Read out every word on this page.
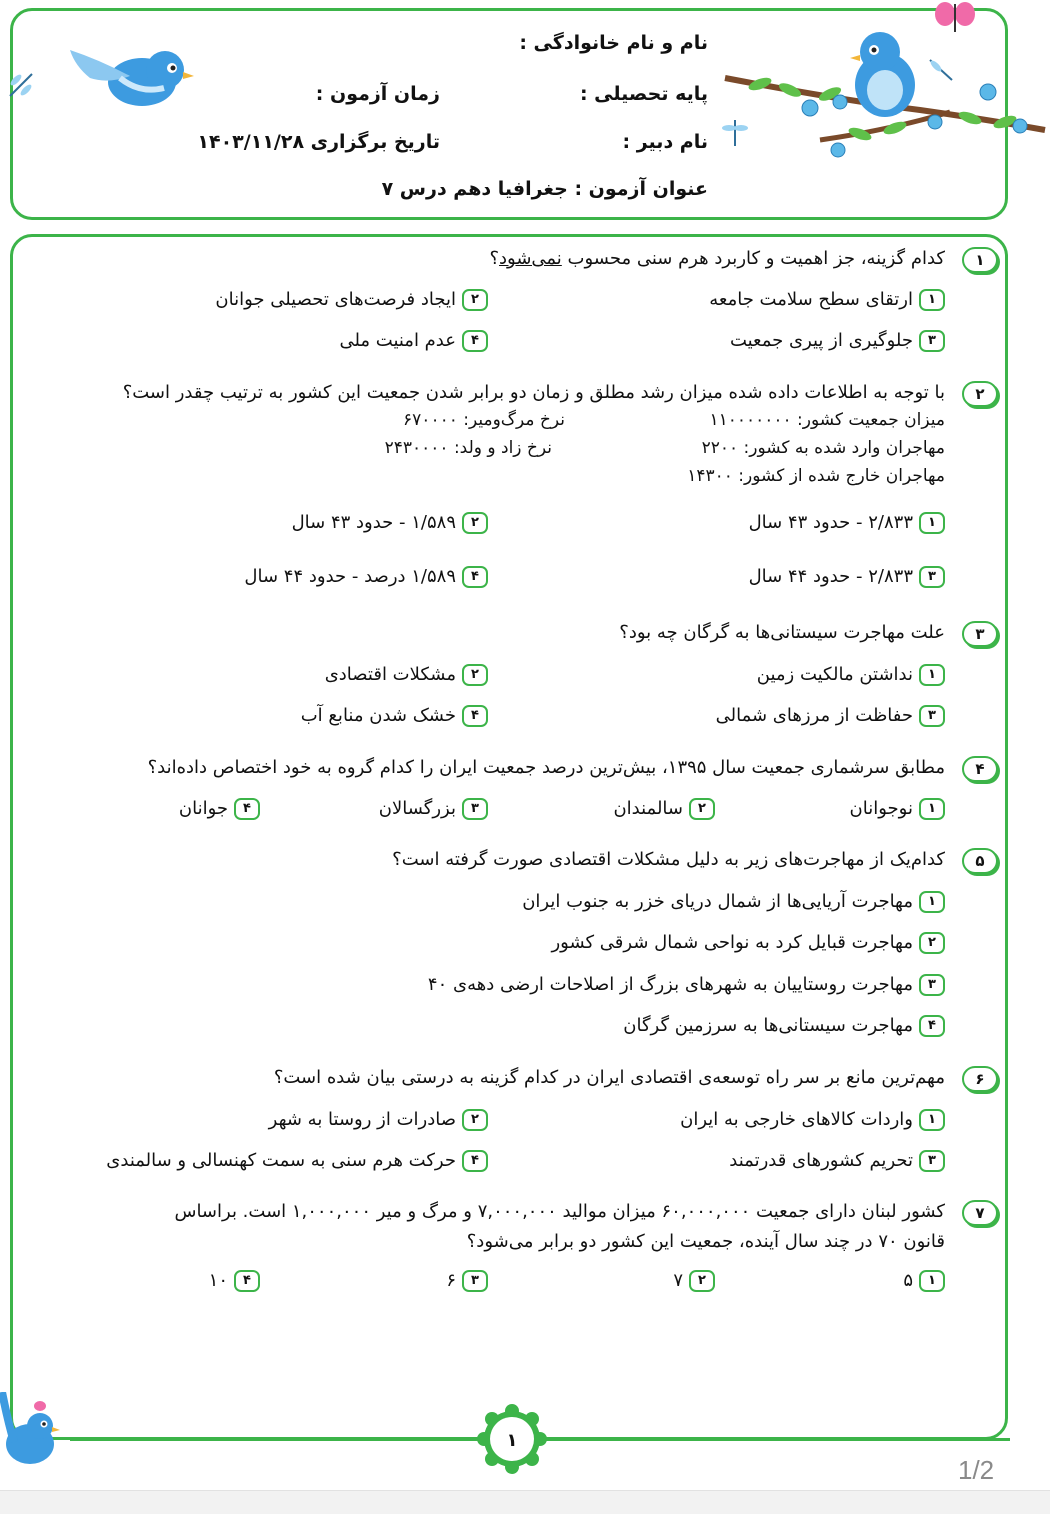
نام و نام خانوادگی :
پایه تحصیلی :
زمان آزمون :
نام دبیر :
تاریخ برگزاری ۱۴۰۳/۱۱/۲۸
عنوان آزمون : جغرافیا دهم درس ۷
۱
کدام گزینه، جز اهمیت و کاربرد هرم سنی محسوب نمی‌شود؟
۱ارتقای سطح سلامت جامعه
۲ایجاد فرصت‌های تحصیلی جوانان
۳جلوگیری از پیری جمعیت
۴عدم امنیت ملی
۲
با توجه به اطلاعات داده شده میزان رشد مطلق و زمان دو برابر شدن جمعیت این کشور به ترتیب چقدر است؟
میزان جمعیت کشور: ۱۱۰۰۰۰۰۰۰
نرخ مرگ‌ومیر: ۶۷۰۰۰۰
مهاجران وارد شده به کشور: ۲۲۰۰
نرخ زاد و ولد: ۲۴۳۰۰۰۰
مهاجران خارج شده از کشور: ۱۴۳۰۰
۱۲/۸۳۳ - حدود ۴۳ سال
۲۱/۵۸۹ - حدود ۴۳ سال
۳۲/۸۳۳ - حدود ۴۴ سال
۴۱/۵۸۹ درصد - حدود ۴۴ سال
۳
علت مهاجرت سیستانی‌ها به گرگان چه بود؟
۱نداشتن مالکیت زمین
۲مشکلات اقتصادی
۳حفاظت از مرزهای شمالی
۴خشک شدن منابع آب
۴
مطابق سرشماری جمعیت سال ۱۳۹۵، بیش‌ترین درصد جمعیت ایران را کدام گروه به خود اختصاص داده‌اند؟
۱نوجوانان
۲سالمندان
۳بزرگسالان
۴جوانان
۵
کدام‌یک از مهاجرت‌های زیر به دلیل مشکلات اقتصادی صورت گرفته است؟
۱مهاجرت آریایی‌ها از شمال دریای خزر به جنوب ایران
۲مهاجرت قبایل کرد به نواحی شمال شرقی کشور
۳مهاجرت روستاییان به شهرهای بزرگ از اصلاحات ارضی دهه‌ی ۴۰
۴مهاجرت سیستانی‌ها به سرزمین گرگان
۶
مهم‌ترین مانع بر سر راه توسعه‌ی اقتصادی ایران در کدام گزینه به درستی بیان شده است؟
۱واردات کالاهای خارجی به ایران
۲صادرات از روستا به شهر
۳تحریم کشورهای قدرتمند
۴حرکت هرم سنی به سمت کهنسالی و سالمندی
۷
کشور لبنان دارای جمعیت ۶۰,۰۰۰,۰۰۰ میزان موالید ۷,۰۰۰,۰۰۰ و مرگ و میر ۱,۰۰۰,۰۰۰ است. براساس
قانون ۷۰ در چند سال آینده، جمعیت این کشور دو برابر می‌شود؟
۱۵
۲۷
۳۶
۴۱۰
۱
1/2
